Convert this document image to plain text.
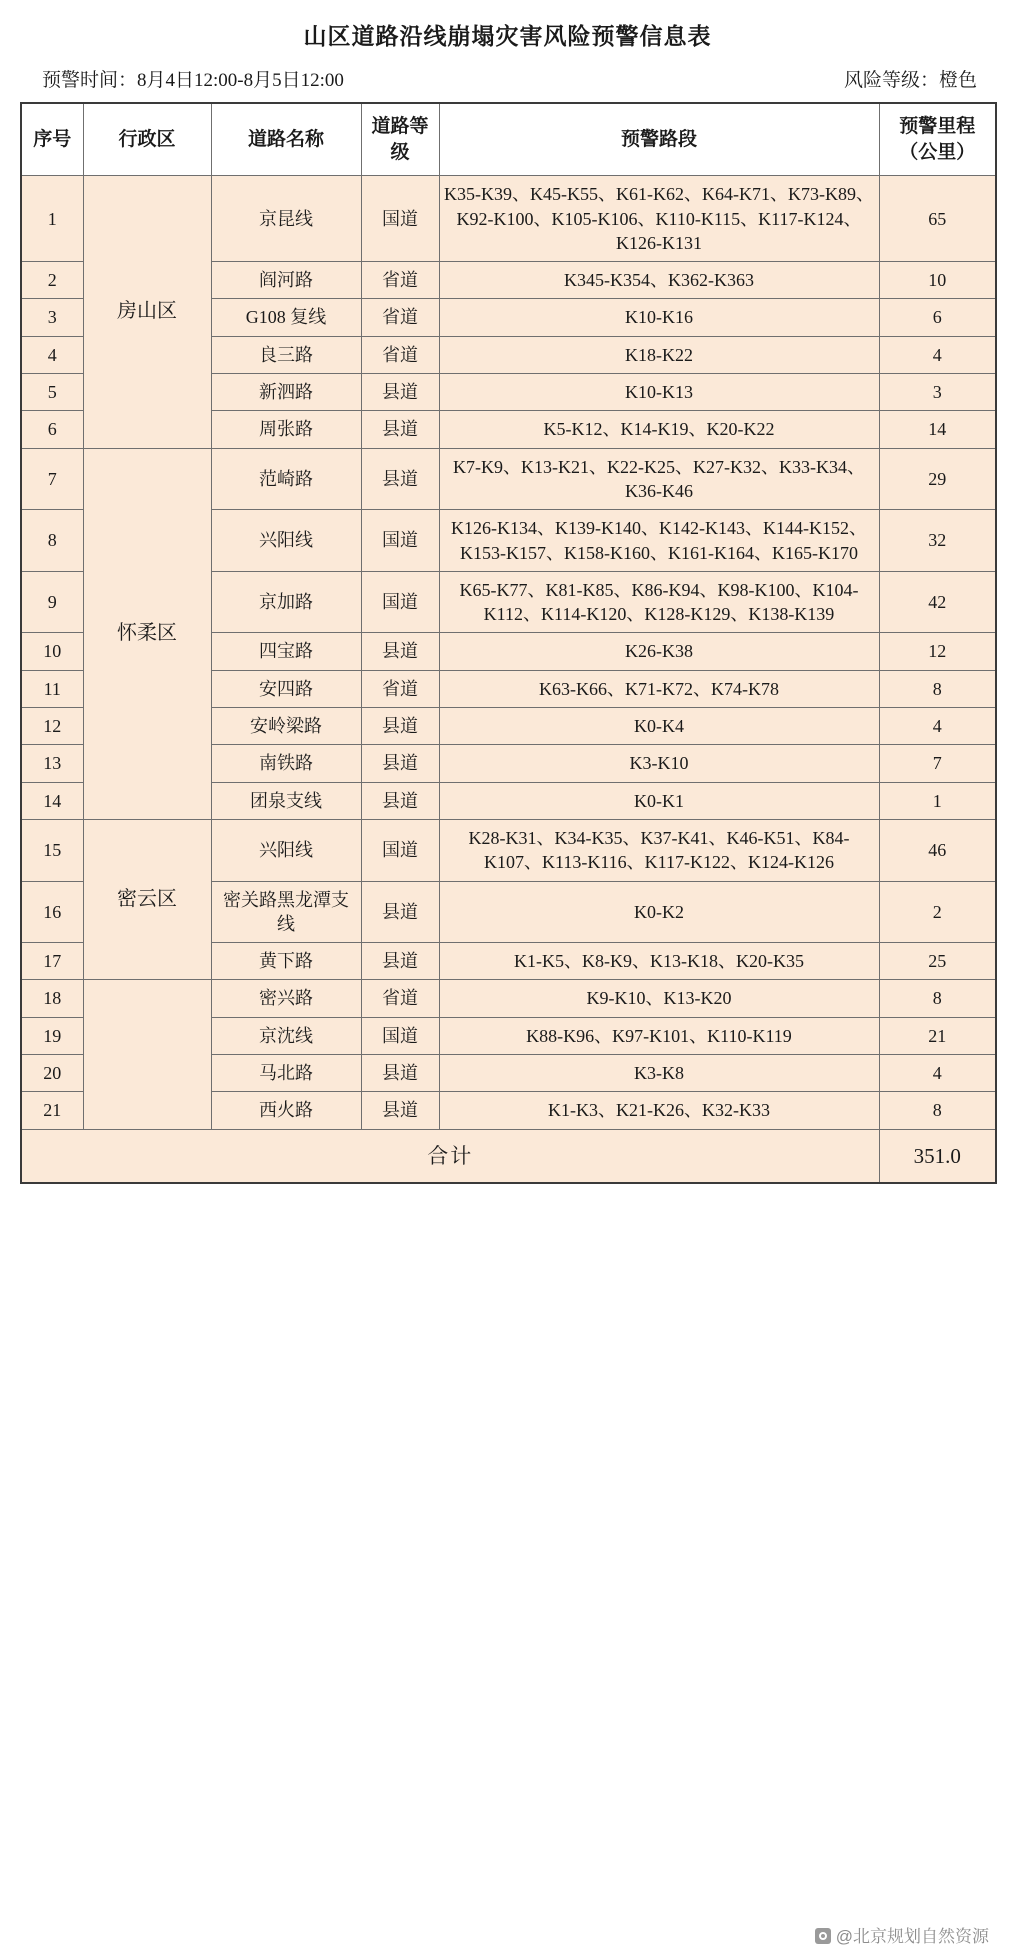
山区道路沿线崩塌灾害风险预警信息表
预警时间：8月4日12:00-8月5日12:00	风险等级：橙色
序号	行政区	道路名称	道路等级	预警路段	预警里程（公里）
1	房山区	京昆线	国道	K35-K39、K45-K55、K61-K62、K64-K71、K73-K89、K92-K100、K105-K106、K110-K115、K117-K124、K126-K131	65
2		阎河路	省道	K345-K354、K362-K363	10
3		G108 复线	省道	K10-K16	6
4		良三路	省道	K18-K22	4
5		新泗路	县道	K10-K13	3
6		周张路	县道	K5-K12、K14-K19、K20-K22	14
7	怀柔区	范崎路	县道	K7-K9、K13-K21、K22-K25、K27-K32、K33-K34、K36-K46	29
8		兴阳线	国道	K126-K134、K139-K140、K142-K143、K144-K152、K153-K157、K158-K160、K161-K164、K165-K170	32
9		京加路	国道	K65-K77、K81-K85、K86-K94、K98-K100、K104-K112、K114-K120、K128-K129、K138-K139	42
10		四宝路	县道	K26-K38	12
11		安四路	省道	K63-K66、K71-K72、K74-K78	8
12		安岭梁路	县道	K0-K4	4
13		南铁路	县道	K3-K10	7
14		团泉支线	县道	K0-K1	1
15	密云区	兴阳线	国道	K28-K31、K34-K35、K37-K41、K46-K51、K84-K107、K113-K116、K117-K122、K124-K126	46
16		密关路黑龙潭支线	县道	K0-K2	2
17		黄下路	县道	K1-K5、K8-K9、K13-K18、K20-K35	25
18		密兴路	省道	K9-K10、K13-K20	8
19		京沈线	国道	K88-K96、K97-K101、K110-K119	21
20		马北路	县道	K3-K8	4
21		西火路	县道	K1-K3、K21-K26、K32-K33	8
合计					351.0
@北京规划自然资源
